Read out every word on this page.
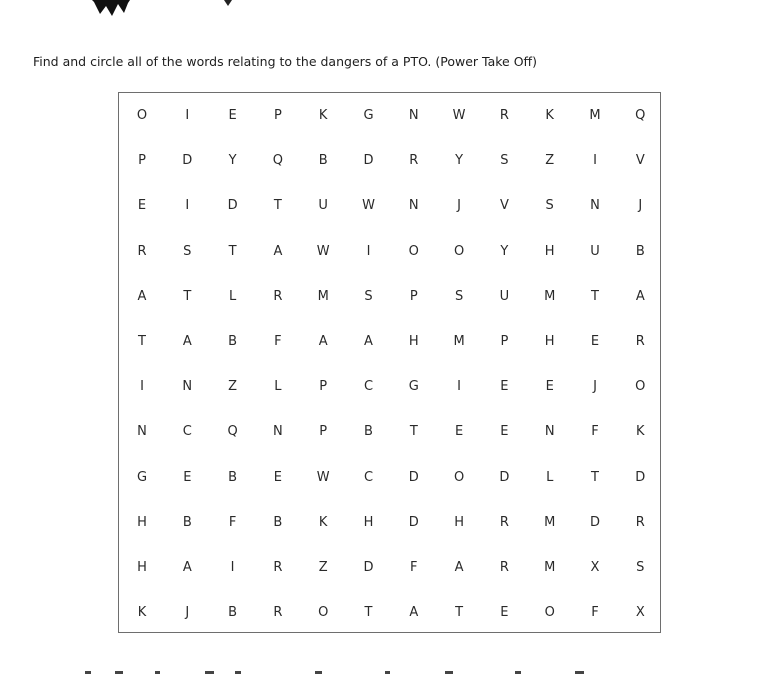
Find and circle all of the words relating to the dangers of a PTO. (Power Take Off)
O	I	E	P	K	G	N	W	R	K	M	Q
P	D	Y	Q	B	D	R	Y	S	Z	I	V
E	I	D	T	U	W	N	J	V	S	N	J
R	S	T	A	W	I	O	O	Y	H	U	B
A	T	L	R	M	S	P	S	U	M	T	A
T	A	B	F	A	A	H	M	P	H	E	R
I	N	Z	L	P	C	G	I	E	E	J	O
N	C	Q	N	P	B	T	E	E	N	F	K
G	E	B	E	W	C	D	O	D	L	T	D
H	B	F	B	K	H	D	H	R	M	D	R
H	A	I	R	Z	D	F	A	R	M	X	S
K	J	B	R	O	T	A	T	E	O	F	X
